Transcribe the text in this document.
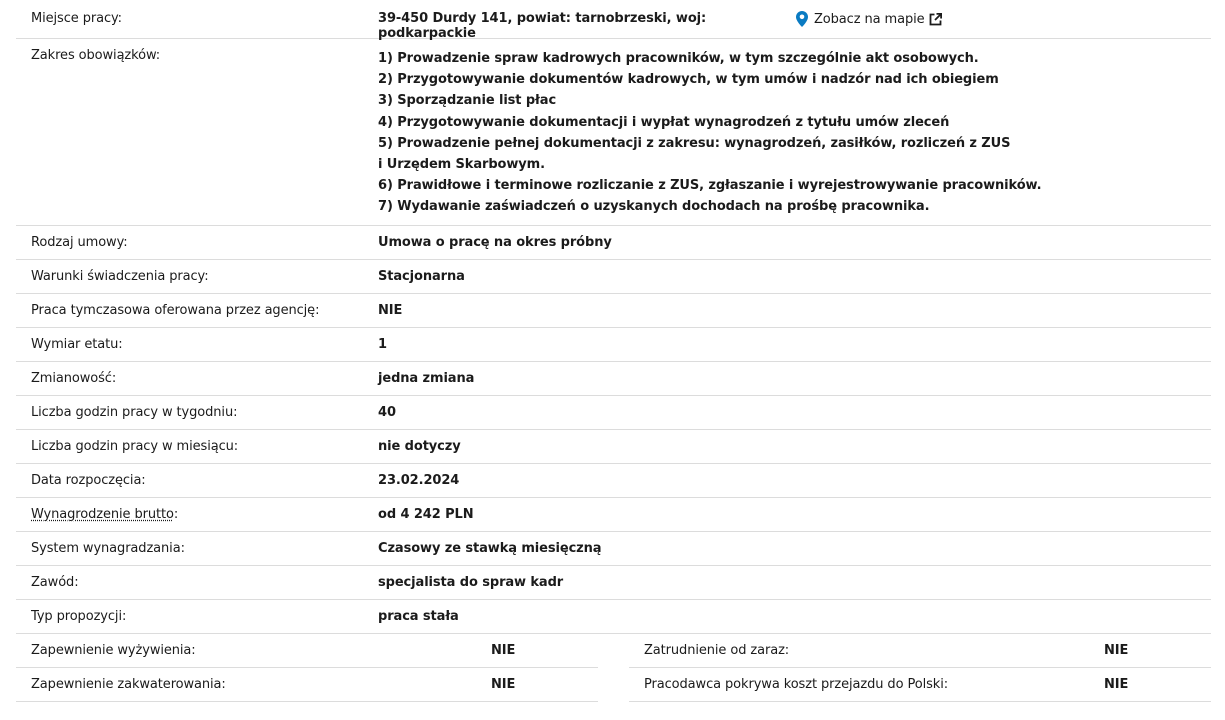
Miejsce pracy:	39-450 Durdy 141, powiat: tarnobrzeski, woj: podkarpackie
Zobacz na mapie
Zakres obowiązków:	1) Prowadzenie spraw kadrowych pracowników, w tym szczególnie akt osobowych.
2) Przygotowywanie dokumentów kadrowych, w tym umów i nadzór nad ich obiegiem
3) Sporządzanie list płac
4) Przygotowywanie dokumentacji i wypłat wynagrodzeń z tytułu umów zleceń
5) Prowadzenie pełnej dokumentacji z zakresu: wynagrodzeń, zasiłków, rozliczeń z ZUS
i Urzędem Skarbowym.
6) Prawidłowe i terminowe rozliczanie z ZUS, zgłaszanie i wyrejestrowywanie pracowników.
7) Wydawanie zaświadczeń o uzyskanych dochodach na prośbę pracownika.
Rodzaj umowy:	Umowa o pracę na okres próbny
Warunki świadczenia pracy:	Stacjonarna
Praca tymczasowa oferowana przez agencję:	NIE
Wymiar etatu:	1
Zmianowość:	jedna zmiana
Liczba godzin pracy w tygodniu:	40
Liczba godzin pracy w miesiącu:	nie dotyczy
Data rozpoczęcia:	23.02.2024
Wynagrodzenie brutto:	od 4 242 PLN
System wynagradzania:	Czasowy ze stawką miesięczną
Zawód:	specjalista do spraw kadr
Typ propozycji:	praca stała
Zapewnienie wyżywienia:	NIE
Zapewnienie zakwaterowania:	NIE
Zatrudnienie od zaraz:	NIE
Pracodawca pokrywa koszt przejazdu do Polski:	NIE
